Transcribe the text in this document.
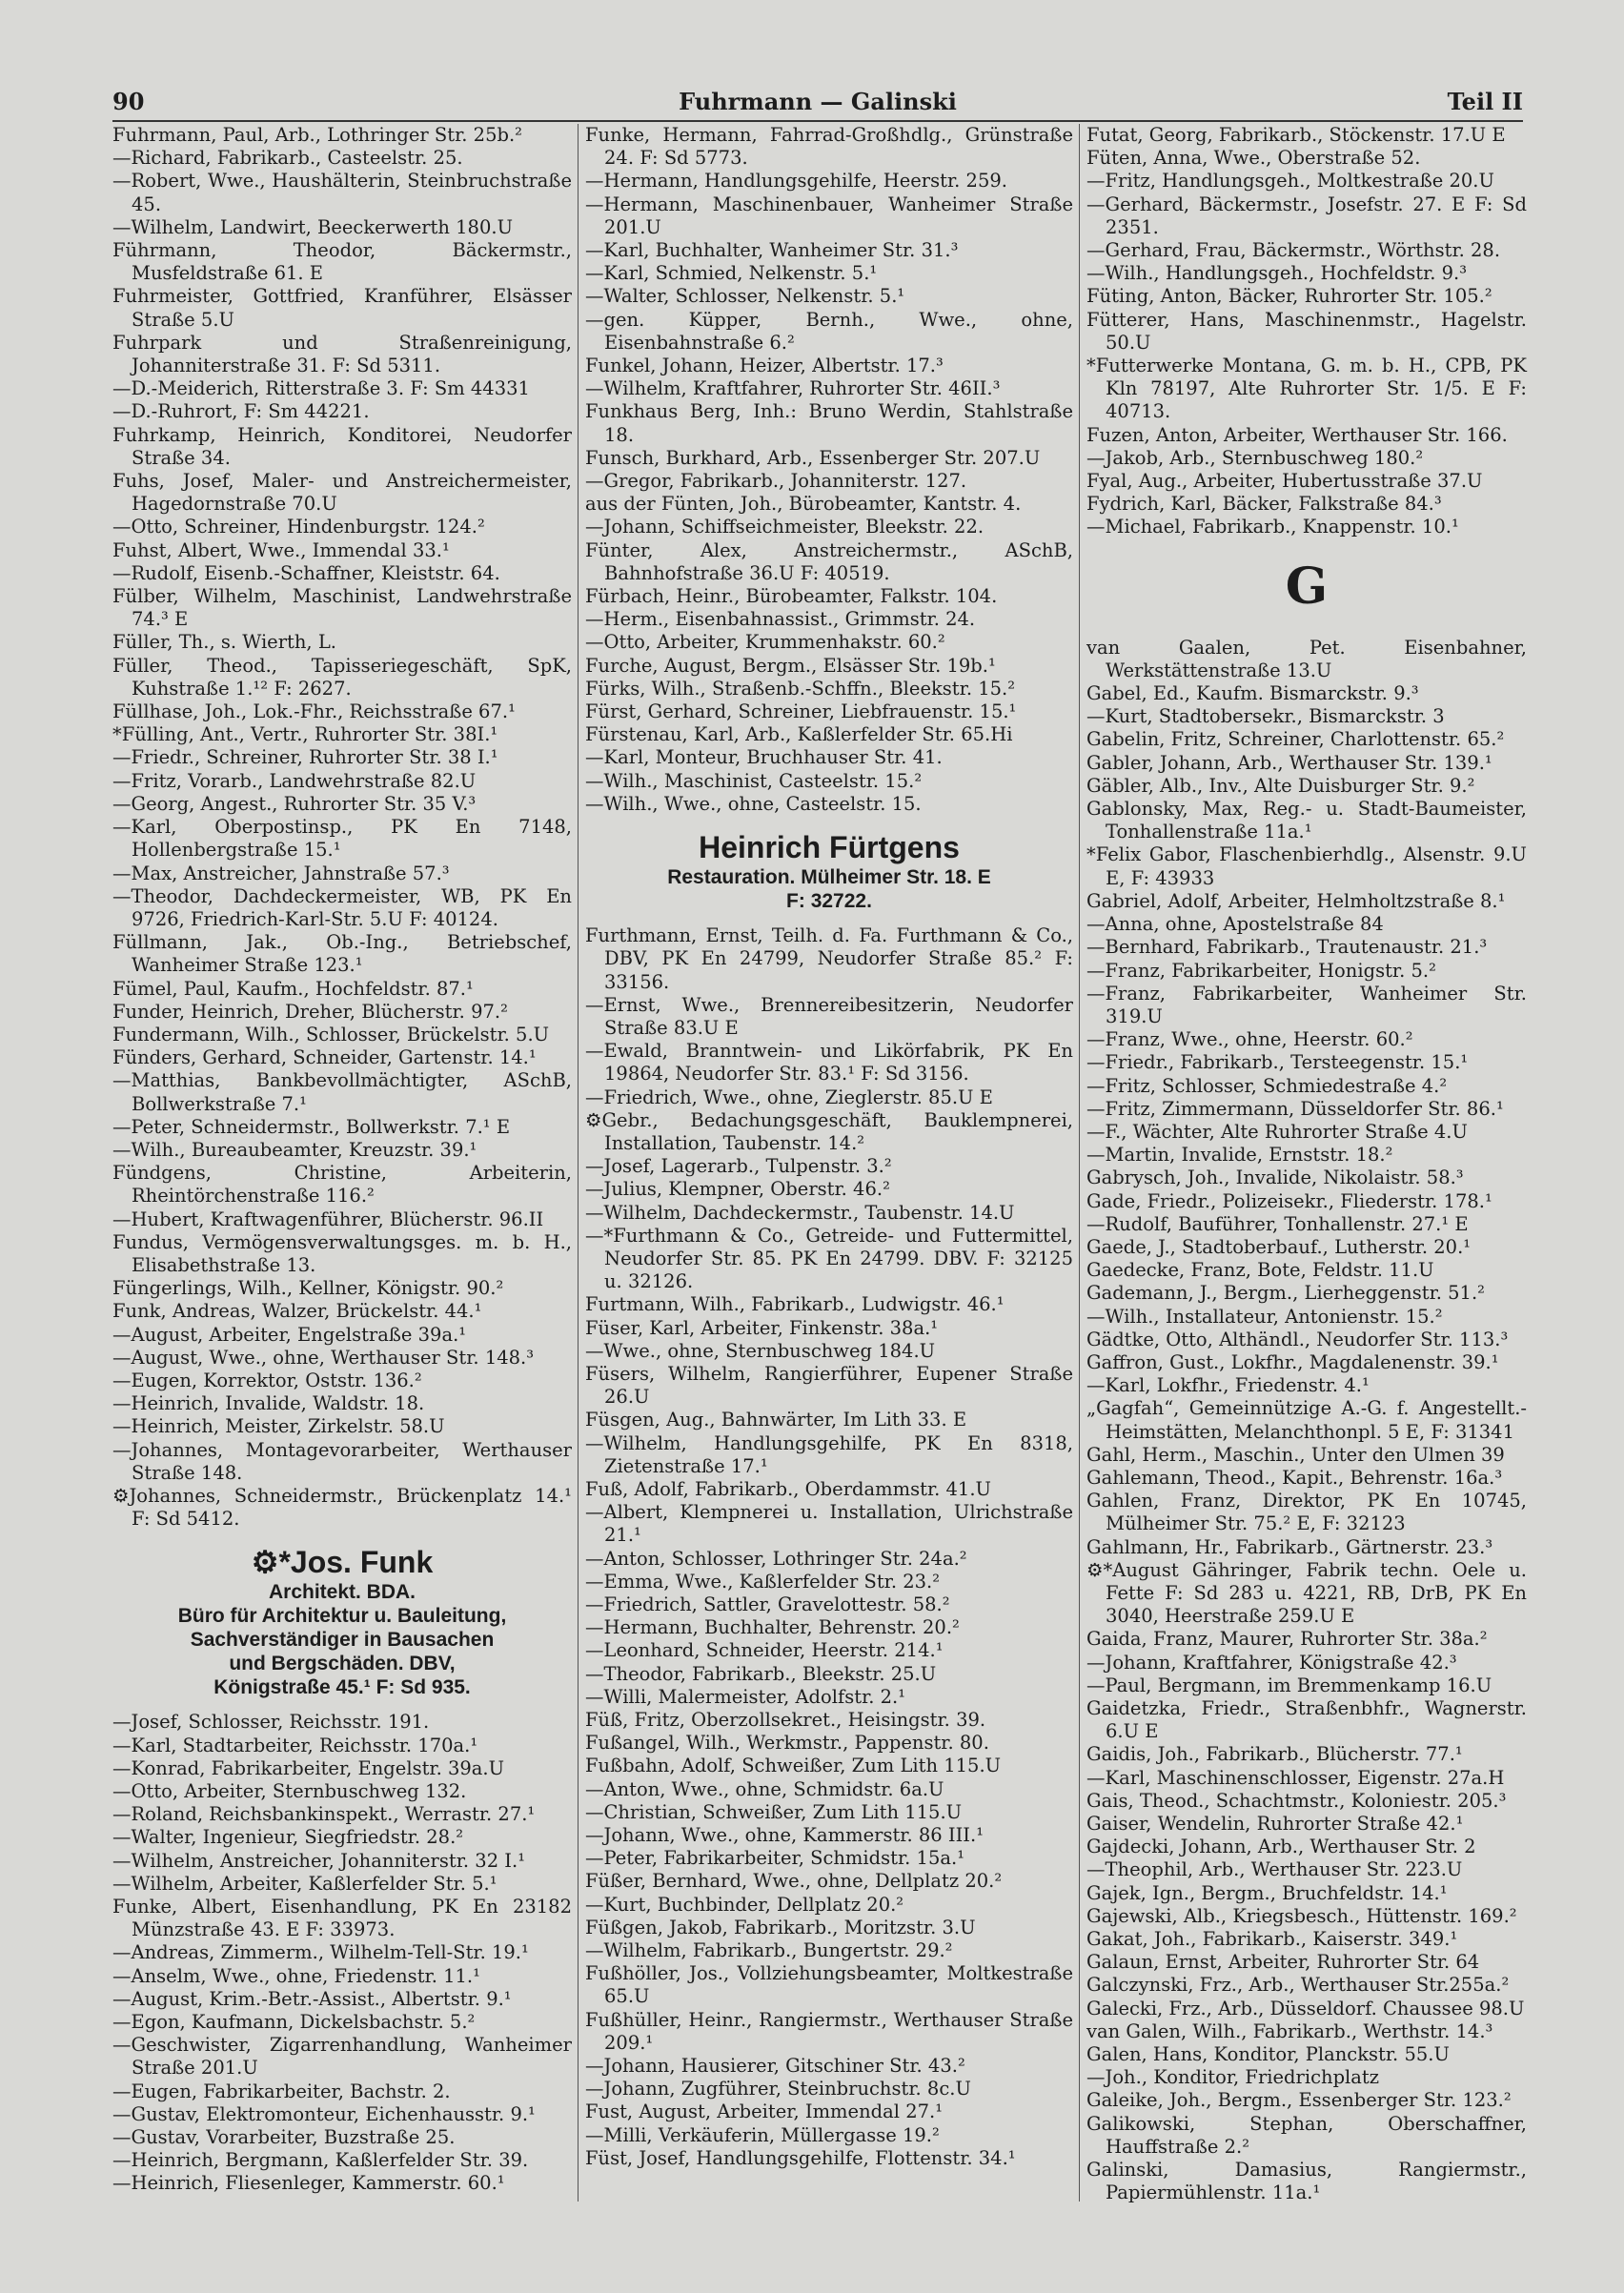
90	Fuhrmann — Galinski	Teil II
Fuhrmann, Paul, Arb., Lothringer Str. 25b.²
—Richard, Fabrikarb., Casteelstr. 25.
—Robert, Wwe., Haushälterin, Steinbruchstraße 45.
—Wilhelm, Landwirt, Beeckerwerth 180.U
Führmann, Theodor, Bäckermstr., Musfeldstraße 61. E
Fuhrmeister, Gottfried, Kranführer, Elsässer Straße 5.U
Fuhrpark und Straßenreinigung, Johanniterstraße 31. F: Sd 5311.
—D.-Meiderich, Ritterstraße 3. F: Sm 44331
—D.-Ruhrort, F: Sm 44221.
Fuhrkamp, Heinrich, Konditorei, Neudorfer Straße 34.
Fuhs, Josef, Maler- und Anstreichermeister, Hagedornstraße 70.U
—Otto, Schreiner, Hindenburgstr. 124.²
Fuhst, Albert, Wwe., Immendal 33.¹
—Rudolf, Eisenb.-Schaffner, Kleiststr. 64.
Fülber, Wilhelm, Maschinist, Landwehrstraße 74.³ E
Füller, Th., s. Wierth, L.
Füller, Theod., Tapisseriegeschäft, SpK, Kuhstraße 1.¹² F: 2627.
Füllhase, Joh., Lok.-Fhr., Reichsstraße 67.¹
*Fülling, Ant., Vertr., Ruhrorter Str. 38I.¹
—Friedr., Schreiner, Ruhrorter Str. 38 I.¹
—Fritz, Vorarb., Landwehrstraße 82.U
—Georg, Angest., Ruhrorter Str. 35 V.³
—Karl, Oberpostinsp., PK En 7148, Hollenbergstraße 15.¹
—Max, Anstreicher, Jahnstraße 57.³
—Theodor, Dachdeckermeister, WB, PK En 9726, Friedrich-Karl-Str. 5.U F: 40124.
Füllmann, Jak., Ob.-Ing., Betriebschef, Wanheimer Straße 123.¹
Fümel, Paul, Kaufm., Hochfeldstr. 87.¹
Funder, Heinrich, Dreher, Blücherstr. 97.²
Fundermann, Wilh., Schlosser, Brückelstr. 5.U
Fünders, Gerhard, Schneider, Gartenstr. 14.¹
—Matthias, Bankbevollmächtigter, ASchB, Bollwerkstraße 7.¹
—Peter, Schneidermstr., Bollwerkstr. 7.¹ E
—Wilh., Bureaubeamter, Kreuzstr. 39.¹
Fündgens, Christine, Arbeiterin, Rheintörchenstraße 116.²
—Hubert, Kraftwagenführer, Blücherstr. 96.II
Fundus, Vermögensverwaltungsges. m. b. H., Elisabethstraße 13.
Füngerlings, Wilh., Kellner, Königstr. 90.²
Funk, Andreas, Walzer, Brückelstr. 44.¹
—August, Arbeiter, Engelstraße 39a.¹
—August, Wwe., ohne, Werthauser Str. 148.³
—Eugen, Korrektor, Oststr. 136.²
—Heinrich, Invalide, Waldstr. 18.
—Heinrich, Meister, Zirkelstr. 58.U
—Johannes, Montagevorarbeiter, Werthauser Straße 148.
⚙Johannes, Schneidermstr., Brückenplatz 14.¹ F: Sd 5412.
⚙*Jos. Funk
Architekt. BDA.
Büro für Architektur u. Bauleitung,
Sachverständiger in Bausachen
und Bergschäden. DBV,
Königstraße 45.¹ F: Sd 935.
—Josef, Schlosser, Reichsstr. 191.
—Karl, Stadtarbeiter, Reichsstr. 170a.¹
—Konrad, Fabrikarbeiter, Engelstr. 39a.U
—Otto, Arbeiter, Sternbuschweg 132.
—Roland, Reichsbankinspekt., Werrastr. 27.¹
—Walter, Ingenieur, Siegfriedstr. 28.²
—Wilhelm, Anstreicher, Johanniterstr. 32 I.¹
—Wilhelm, Arbeiter, Kaßlerfelder Str. 5.¹
Funke, Albert, Eisenhandlung, PK En 23182 Münzstraße 43. E F: 33973.
—Andreas, Zimmerm., Wilhelm-Tell-Str. 19.¹
—Anselm, Wwe., ohne, Friedenstr. 11.¹
—August, Krim.-Betr.-Assist., Albertstr. 9.¹
—Egon, Kaufmann, Dickelsbachstr. 5.²
—Geschwister, Zigarrenhandlung, Wanheimer Straße 201.U
—Eugen, Fabrikarbeiter, Bachstr. 2.
—Gustav, Elektromonteur, Eichenhausstr. 9.¹
—Gustav, Vorarbeiter, Buzstraße 25.
—Heinrich, Bergmann, Kaßlerfelder Str. 39.
—Heinrich, Fliesenleger, Kammerstr. 60.¹
Funke, Hermann, Fahrrad-Großhdlg., Grünstraße 24. F: Sd 5773.
—Hermann, Handlungsgehilfe, Heerstr. 259.
—Hermann, Maschinenbauer, Wanheimer Straße 201.U
—Karl, Buchhalter, Wanheimer Str. 31.³
—Karl, Schmied, Nelkenstr. 5.¹
—Walter, Schlosser, Nelkenstr. 5.¹
—gen. Küpper, Bernh., Wwe., ohne, Eisenbahnstraße 6.²
Funkel, Johann, Heizer, Albertstr. 17.³
—Wilhelm, Kraftfahrer, Ruhrorter Str. 46II.³
Funkhaus Berg, Inh.: Bruno Werdin, Stahlstraße 18.
Funsch, Burkhard, Arb., Essenberger Str. 207.U
—Gregor, Fabrikarb., Johanniterstr. 127.
aus der Fünten, Joh., Bürobeamter, Kantstr. 4.
—Johann, Schiffseichmeister, Bleekstr. 22.
Fünter, Alex, Anstreichermstr., ASchB, Bahnhofstraße 36.U F: 40519.
Fürbach, Heinr., Bürobeamter, Falkstr. 104.
—Herm., Eisenbahnassist., Grimmstr. 24.
—Otto, Arbeiter, Krummenhakstr. 60.²
Furche, August, Bergm., Elsässer Str. 19b.¹
Fürks, Wilh., Straßenb.-Schffn., Bleekstr. 15.²
Fürst, Gerhard, Schreiner, Liebfrauenstr. 15.¹
Fürstenau, Karl, Arb., Kaßlerfelder Str. 65.Hi
—Karl, Monteur, Bruchhauser Str. 41.
—Wilh., Maschinist, Casteelstr. 15.²
—Wilh., Wwe., ohne, Casteelstr. 15.
Heinrich Fürtgens
Restauration. Mülheimer Str. 18. E
F: 32722.
Furthmann, Ernst, Teilh. d. Fa. Furthmann & Co., DBV, PK En 24799, Neudorfer Straße 85.² F: 33156.
—Ernst, Wwe., Brennereibesitzerin, Neudorfer Straße 83.U E
—Ewald, Branntwein- und Likörfabrik, PK En 19864, Neudorfer Str. 83.¹ F: Sd 3156.
—Friedrich, Wwe., ohne, Zieglerstr. 85.U E
⚙Gebr., Bedachungsgeschäft, Bauklempnerei, Installation, Taubenstr. 14.²
—Josef, Lagerarb., Tulpenstr. 3.²
—Julius, Klempner, Oberstr. 46.²
—Wilhelm, Dachdeckermstr., Taubenstr. 14.U
—*Furthmann & Co., Getreide- und Futtermittel, Neudorfer Str. 85. PK En 24799. DBV. F: 32125 u. 32126.
Furtmann, Wilh., Fabrikarb., Ludwigstr. 46.¹
Füser, Karl, Arbeiter, Finkenstr. 38a.¹
—Wwe., ohne, Sternbuschweg 184.U
Füsers, Wilhelm, Rangierführer, Eupener Straße 26.U
Füsgen, Aug., Bahnwärter, Im Lith 33. E
—Wilhelm, Handlungsgehilfe, PK En 8318, Zietenstraße 17.¹
Fuß, Adolf, Fabrikarb., Oberdammstr. 41.U
—Albert, Klempnerei u. Installation, Ulrichstraße 21.¹
—Anton, Schlosser, Lothringer Str. 24a.²
—Emma, Wwe., Kaßlerfelder Str. 23.²
—Friedrich, Sattler, Gravelottestr. 58.²
—Hermann, Buchhalter, Behrenstr. 20.²
—Leonhard, Schneider, Heerstr. 214.¹
—Theodor, Fabrikarb., Bleekstr. 25.U
—Willi, Malermeister, Adolfstr. 2.¹
Füß, Fritz, Oberzollsekret., Heisingstr. 39.
Fußangel, Wilh., Werkmstr., Pappenstr. 80.
Fußbahn, Adolf, Schweißer, Zum Lith 115.U
—Anton, Wwe., ohne, Schmidstr. 6a.U
—Christian, Schweißer, Zum Lith 115.U
—Johann, Wwe., ohne, Kammerstr. 86 III.¹
—Peter, Fabrikarbeiter, Schmidstr. 15a.¹
Füßer, Bernhard, Wwe., ohne, Dellplatz 20.²
—Kurt, Buchbinder, Dellplatz 20.²
Füßgen, Jakob, Fabrikarb., Moritzstr. 3.U
—Wilhelm, Fabrikarb., Bungertstr. 29.²
Fußhöller, Jos., Vollziehungsbeamter, Moltkestraße 65.U
Fußhüller, Heinr., Rangiermstr., Werthauser Straße 209.¹
—Johann, Hausierer, Gitschiner Str. 43.²
—Johann, Zugführer, Steinbruchstr. 8c.U
Fust, August, Arbeiter, Immendal 27.¹
—Milli, Verkäuferin, Müllergasse 19.²
Füst, Josef, Handlungsgehilfe, Flottenstr. 34.¹
Futat, Georg, Fabrikarb., Stöckenstr. 17.U E
Füten, Anna, Wwe., Oberstraße 52.
—Fritz, Handlungsgeh., Moltkestraße 20.U
—Gerhard, Bäckermstr., Josefstr. 27. E F: Sd 2351.
—Gerhard, Frau, Bäckermstr., Wörthstr. 28.
—Wilh., Handlungsgeh., Hochfeldstr. 9.³
Füting, Anton, Bäcker, Ruhrorter Str. 105.²
Fütterer, Hans, Maschinenmstr., Hagelstr. 50.U
*Futterwerke Montana, G. m. b. H., CPB, PK Kln 78197, Alte Ruhrorter Str. 1/5. E F: 40713.
Fuzen, Anton, Arbeiter, Werthauser Str. 166.
—Jakob, Arb., Sternbuschweg 180.²
Fyal, Aug., Arbeiter, Hubertusstraße 37.U
Fydrich, Karl, Bäcker, Falkstraße 84.³
—Michael, Fabrikarb., Knappenstr. 10.¹
G
van Gaalen, Pet. Eisenbahner, Werkstättenstraße 13.U
Gabel, Ed., Kaufm. Bismarckstr. 9.³
—Kurt, Stadtobersekr., Bismarckstr. 3
Gabelin, Fritz, Schreiner, Charlottenstr. 65.²
Gabler, Johann, Arb., Werthauser Str. 139.¹
Gäbler, Alb., Inv., Alte Duisburger Str. 9.²
Gablonsky, Max, Reg.- u. Stadt-Baumeister, Tonhallenstraße 11a.¹
*Felix Gabor, Flaschenbierhdlg., Alsenstr. 9.U E, F: 43933
Gabriel, Adolf, Arbeiter, Helmholtzstraße 8.¹
—Anna, ohne, Apostelstraße 84
—Bernhard, Fabrikarb., Trautenaustr. 21.³
—Franz, Fabrikarbeiter, Honigstr. 5.²
—Franz, Fabrikarbeiter, Wanheimer Str. 319.U
—Franz, Wwe., ohne, Heerstr. 60.²
—Friedr., Fabrikarb., Tersteegenstr. 15.¹
—Fritz, Schlosser, Schmiedestraße 4.²
—Fritz, Zimmermann, Düsseldorfer Str. 86.¹
—F., Wächter, Alte Ruhrorter Straße 4.U
—Martin, Invalide, Ernststr. 18.²
Gabrysch, Joh., Invalide, Nikolaistr. 58.³
Gade, Friedr., Polizeisekr., Fliederstr. 178.¹
—Rudolf, Bauführer, Tonhallenstr. 27.¹ E
Gaede, J., Stadtoberbauf., Lutherstr. 20.¹
Gaedecke, Franz, Bote, Feldstr. 11.U
Gademann, J., Bergm., Lierheggenstr. 51.²
—Wilh., Installateur, Antonienstr. 15.²
Gädtke, Otto, Althändl., Neudorfer Str. 113.³
Gaffron, Gust., Lokfhr., Magdalenenstr. 39.¹
—Karl, Lokfhr., Friedenstr. 4.¹
„Gagfah“, Gemeinnützige A.-G. f. Angestellt.-Heimstätten, Melanchthonpl. 5 E, F: 31341
Gahl, Herm., Maschin., Unter den Ulmen 39
Gahlemann, Theod., Kapit., Behrenstr. 16a.³
Gahlen, Franz, Direktor, PK En 10745, Mülheimer Str. 75.² E, F: 32123
Gahlmann, Hr., Fabrikarb., Gärtnerstr. 23.³
⚙*August Gähringer, Fabrik techn. Oele u. Fette F: Sd 283 u. 4221, RB, DrB, PK En 3040, Heerstraße 259.U E
Gaida, Franz, Maurer, Ruhrorter Str. 38a.²
—Johann, Kraftfahrer, Königstraße 42.³
—Paul, Bergmann, im Bremmenkamp 16.U
Gaidetzka, Friedr., Straßenbhfr., Wagnerstr. 6.U E
Gaidis, Joh., Fabrikarb., Blücherstr. 77.¹
—Karl, Maschinenschlosser, Eigenstr. 27a.H
Gais, Theod., Schachtmstr., Koloniestr. 205.³
Gaiser, Wendelin, Ruhrorter Straße 42.¹
Gajdecki, Johann, Arb., Werthauser Str. 2
—Theophil, Arb., Werthauser Str. 223.U
Gajek, Ign., Bergm., Bruchfeldstr. 14.¹
Gajewski, Alb., Kriegsbesch., Hüttenstr. 169.²
Gakat, Joh., Fabrikarb., Kaiserstr. 349.¹
Galaun, Ernst, Arbeiter, Ruhrorter Str. 64
Galczynski, Frz., Arb., Werthauser Str.255a.²
Galecki, Frz., Arb., Düsseldorf. Chaussee 98.U
van Galen, Wilh., Fabrikarb., Werthstr. 14.³
Galen, Hans, Konditor, Planckstr. 55.U
—Joh., Konditor, Friedrichplatz
Galeike, Joh., Bergm., Essenberger Str. 123.²
Galikowski, Stephan, Oberschaffner, Hauffstraße 2.²
Galinski, Damasius, Rangiermstr., Papiermühlenstr. 11a.¹
